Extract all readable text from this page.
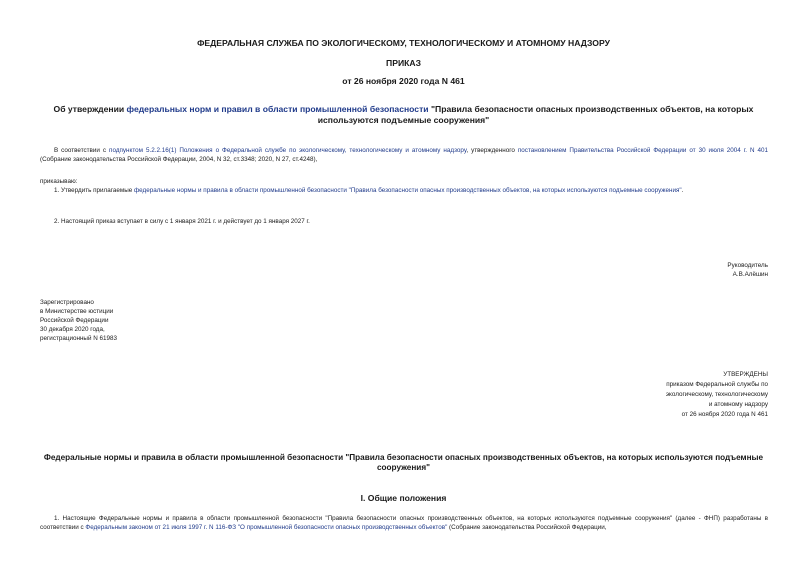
ФЕДЕРАЛЬНАЯ СЛУЖБА ПО ЭКОЛОГИЧЕСКОМУ, ТЕХНОЛОГИЧЕСКОМУ И АТОМНОМУ НАДЗОРУ
ПРИКАЗ
от 26 ноября 2020 года N 461
Об утверждении федеральных норм и правил в области промышленной безопасности "Правила безопасности опасных производственных объектов, на которых используются подъемные сооружения"

В соответствии с подпунктом 5.2.2.16(1) Положения о Федеральной службе по экологическому, технологическому и атомному надзору, утвержденного постановлением Правительства Российской Федерации от 30 июля 2004 г. N 401 (Собрание законодательства Российской Федерации, 2004, N 32, ст.3348; 2020, N 27, ст.4248),

приказываю:

1. Утвердить прилагаемые федеральные нормы и правила в области промышленной безопасности "Правила безопасности опасных производственных объектов, на которых используются подъемные сооружения".

2. Настоящий приказ вступает в силу с 1 января 2021 г. и действует до 1 января 2027 г.

Руководитель
А.В.Алёшин
Зарегистрировано
в Министерстве юстиции
Российской Федерации
30 декабря 2020 года,
регистрационный N 61983
УТВЕРЖДЕНЫ
приказом Федеральной службы по
экологическому, технологическому
и атомному надзору
от 26 ноября 2020 года N 461
Федеральные нормы и правила в области промышленной безопасности "Правила безопасности опасных производственных объектов, на которых используются подъемные сооружения"
I. Общие положения

1. Настоящие Федеральные нормы и правила в области промышленной безопасности "Правила безопасности опасных производственных объектов, на которых используются подъемные сооружения" (далее - ФНП) разработаны в соответствии с Федеральным законом от 21 июля 1997 г. N 116-ФЗ "О промышленной безопасности опасных производственных объектов" (Собрание законодательства Российской Федерации,
